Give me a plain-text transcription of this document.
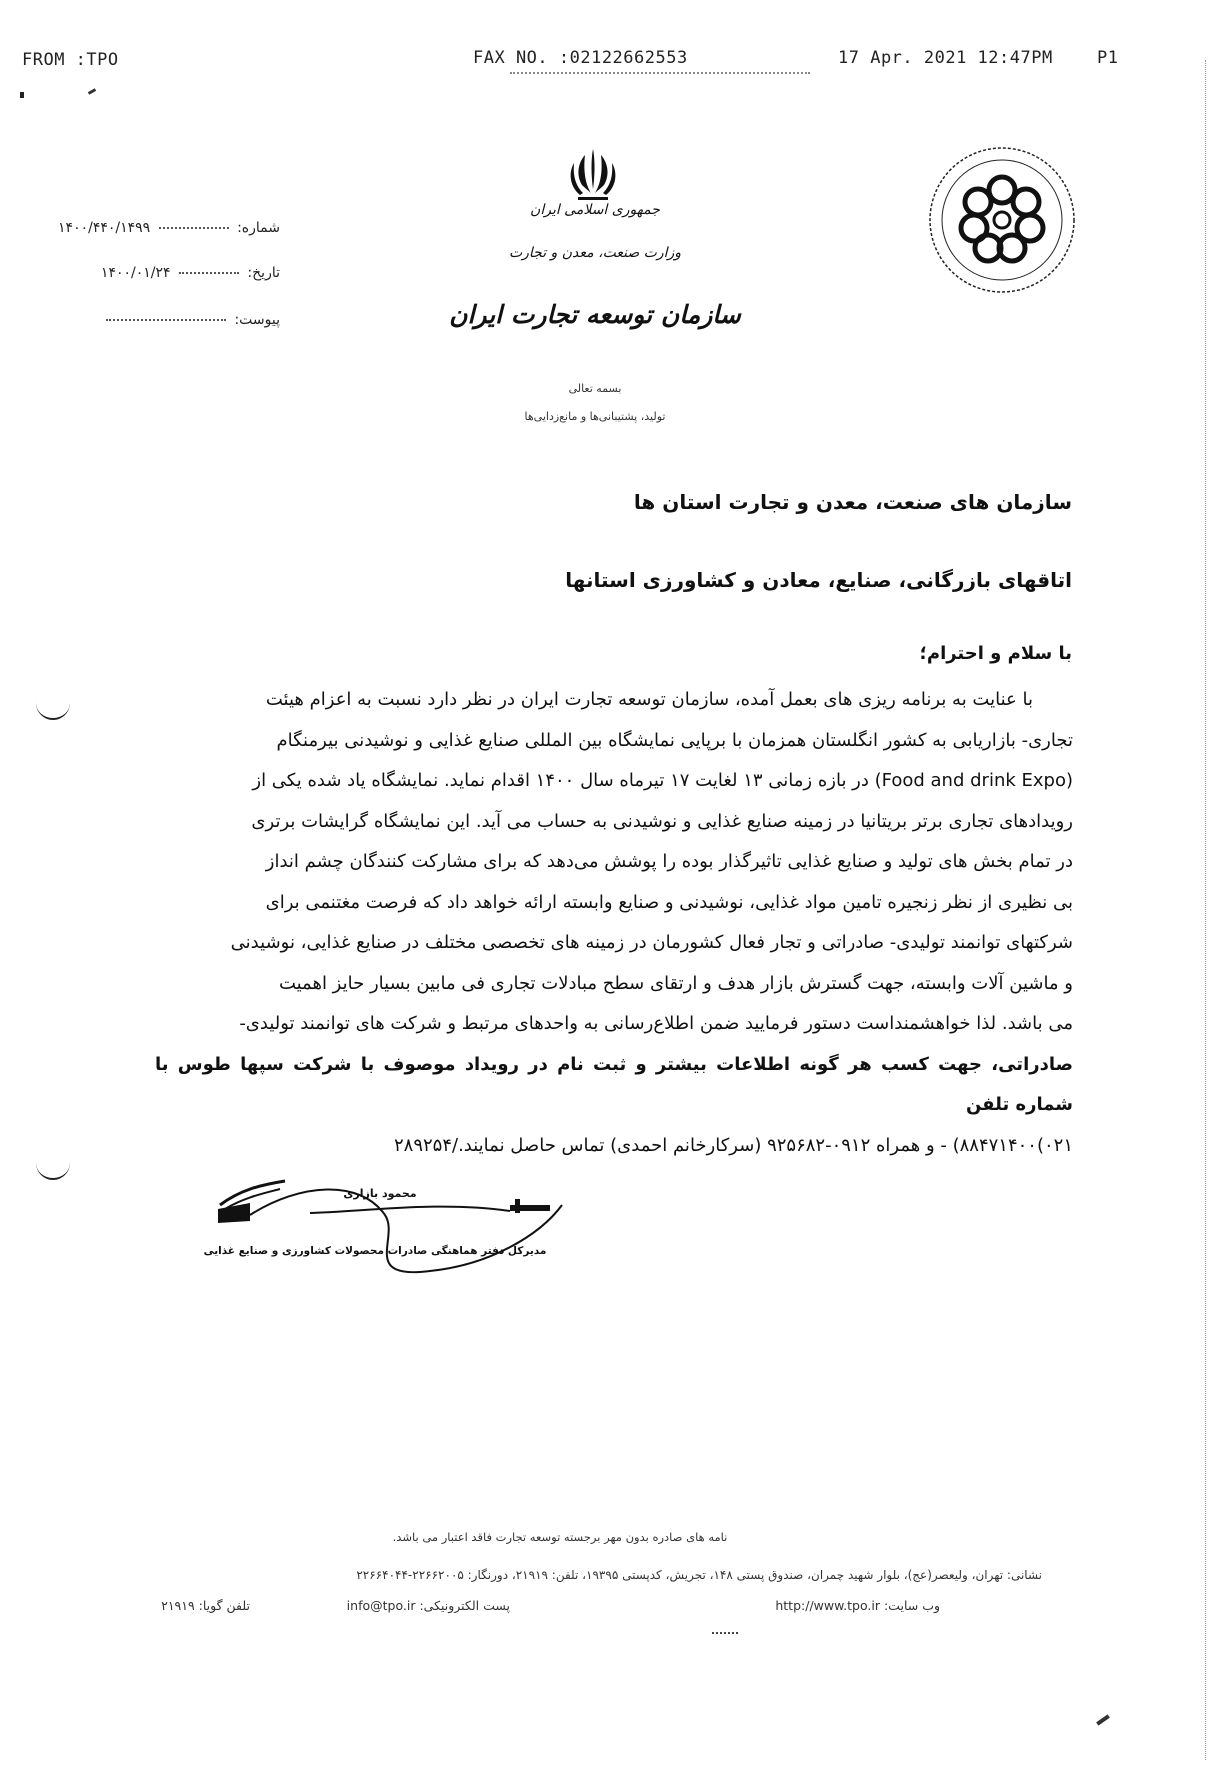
FROM :TPO	FAX NO. :02122662553	17 Apr. 2021 12:47PM	P1
شماره:  ۱۴۰۰/۴۴۰/۱۴۹۹
تاریخ:  ۱۴۰۰/۰۱/۲۴
پیوست:
جمهوری اسلامی ایران
وزارت صنعت، معدن و تجارت
سازمان توسعه تجارت ایران
بسمه تعالی
تولید، پشتیبانی‌ها و مانع‌زدایی‌ها
سازمان های صنعت، معدن و تجارت استان ها
اتاقهای بازرگانی، صنایع، معادن و کشاورزی استانها
با سلام و احترام؛

با عنایت به برنامه ریزی های بعمل آمده، سازمان توسعه تجارت ایران در نظر دارد نسبت به اعزام هیئت
تجاری- بازاریابی به کشور انگلستان همزمان با برپایی نمایشگاه بین المللی صنایع غذایی و نوشیدنی بیرمنگام
(Food and drink Expo) در بازه زمانی ۱۳ لغایت ۱۷ تیرماه سال ۱۴۰۰ اقدام نماید. نمایشگاه یاد شده یکی از
رویدادهای تجاری برتر بریتانیا در زمینه صنایع غذایی و نوشیدنی به حساب می آید. این نمایشگاه گرایشات برتری
در تمام بخش های تولید و صنایع غذایی تاثیرگذار بوده را پوشش می‌دهد که برای مشارکت کنندگان چشم انداز
بی نظیری از نظر زنجیره تامین مواد غذایی، نوشیدنی و صنایع وابسته ارائه خواهد داد که فرصت مغتنمی برای
شرکتهای توانمند تولیدی- صادراتی و تجار فعال کشورمان در زمینه های تخصصی مختلف در صنایع غذایی، نوشیدنی
و ماشین آلات وابسته، جهت گسترش بازار هدف و ارتقای سطح مبادلات تجاری فی مابین بسیار حایز اهمیت
می باشد. لذا خواهشمنداست دستور فرمایید ضمن اطلاع‌رسانی به واحدهای مرتبط و شرکت های توانمند تولیدی-
صادراتی، جهت کسب هر گونه اطلاعات بیشتر و ثبت نام در رویداد موصوف با شرکت سپها طوس با شماره تلفن
۰۲۱)۸۸۴۷۱۴۰۰) - و همراه ۰۹۱۲-۹۲۵۶۸۲ (سرکارخانم احمدی) تماس حاصل نمایند./۲۸۹۲۵۴

محمود بازاری
مدیرکل دفتر هماهنگی صادرات محصولات کشاورزی و صنایع غذایی
نامه های صادره بدون مهر برجسته توسعه تجارت فاقد اعتبار می باشد.
نشانی: تهران، ولیعصر(عج)، بلوار شهید چمران، صندوق پستی ۱۴۸، تجریش، کدپستی ۱۹۳۹۵، تلفن: ۲۱۹۱۹، دورنگار: ۲۲۶۶۲۰۰۵-۲۲۶۶۴۰۴۴
وب سایت: http://www.tpo.ir
پست الکترونیکی: info@tpo.ir
تلفن گویا: ۲۱۹۱۹
